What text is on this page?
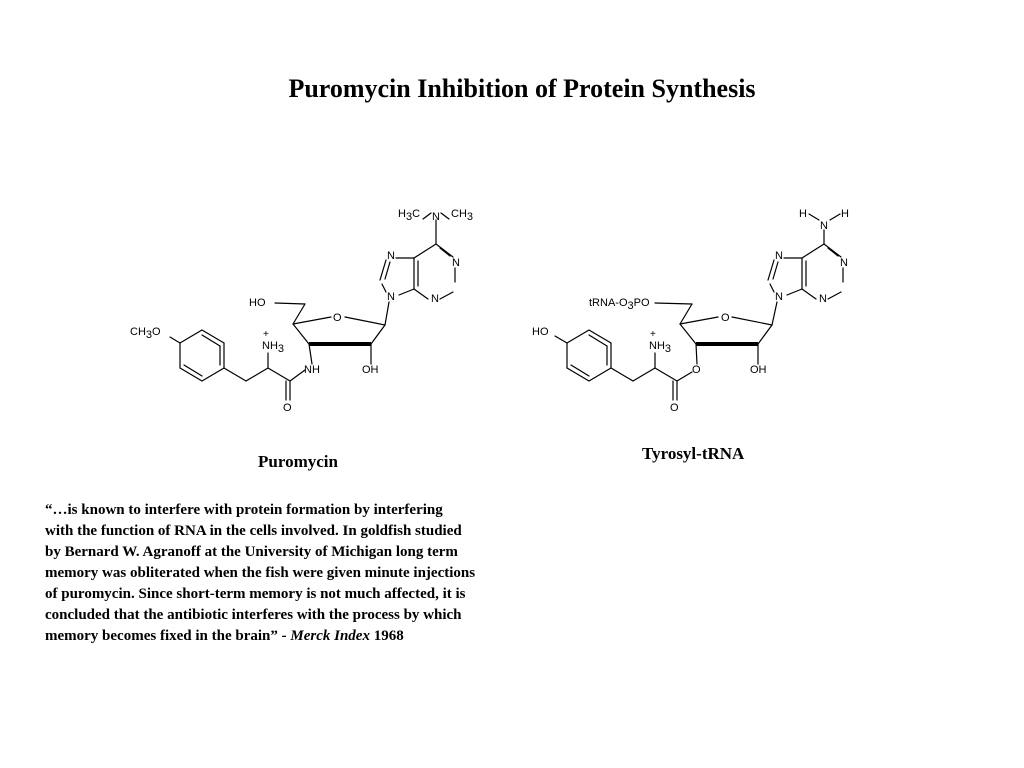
Puromycin Inhibition of Protein Synthesis
H3C N CH3
N
N
N	N
HO
O
+
NH3
CH3O
NH	OH
O
H
N
H
N
N
N	N
tRNA-O3PO
O
+
NH3
HO
O	OH
O

Puromycin	Tyrosyl-tRNA

“…is known to interfere with protein formation by interfering
with the function of RNA in the cells involved. In goldfish studied
by Bernard W. Agranoff at the University of Michigan long term
memory was obliterated when the fish were given minute injections
of puromycin. Since short-term memory is not much affected, it is
concluded that the antibiotic interferes with the process by which
memory becomes fixed in the brain” - Merck Index 1968
